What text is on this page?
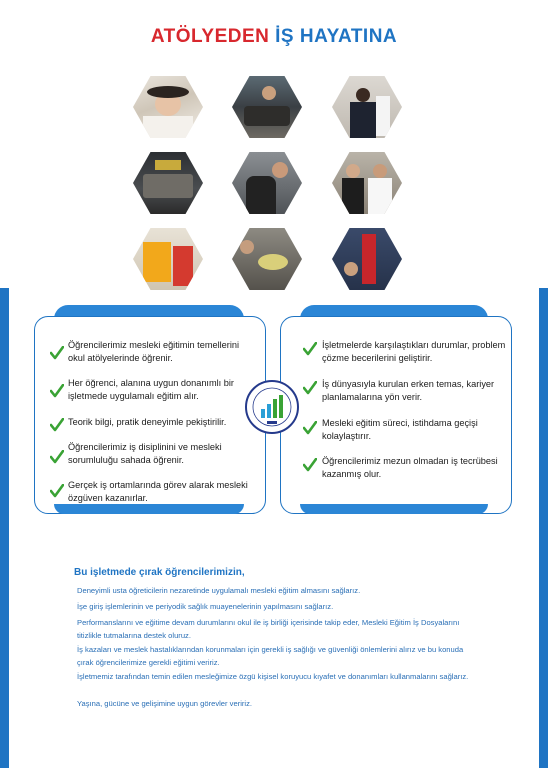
ATÖLYEDEN İŞ HAYATINA
Öğrencilerimiz mesleki eğitimin temellerini okul atölyelerinde öğrenir.
Her öğrenci, alanına uygun donanımlı bir işletmede uygulamalı eğitim alır.
Teorik bilgi, pratik deneyimle pekiştirilir.
Öğrencilerimiz iş disiplinini ve mesleki sorumluluğu sahada öğrenir.
Gerçek iş ortamlarında görev alarak mesleki özgüven kazanırlar.
İşletmelerde karşılaştıkları durumlar, problem çözme becerilerini geliştirir.
İş dünyasıyla kurulan erken temas, kariyer planlamalarına yön verir.
Mesleki eğitim süreci, istihdama geçişi kolaylaştırır.
Öğrencilerimiz mezun olmadan iş tecrübesi kazanmış olur.
Bu işletmede çırak öğrencilerimizin,
Deneyimli usta öğreticilerin nezaretinde uygulamalı mesleki eğitim almasını sağlarız.
İşe giriş işlemlerinin ve periyodik sağlık muayenelerinin yapılmasını sağlarız.
Performanslarını ve eğitime devam durumlarını okul ile iş birliği içerisinde takip eder, Mesleki Eğitim İş Dosyalarını titizlikle tutmalarına destek oluruz.
İş kazaları ve meslek hastalıklarından korunmaları için gerekli iş sağlığı ve güvenliği önlemlerini alırız ve bu konuda çırak öğrencilerimize gerekli eğitimi veririz.
İşletmemiz tarafından temin edilen mesleğimize özgü kişisel koruyucu kıyafet ve donanımları kullanmalarını sağlarız.
Yaşına, gücüne ve gelişimine uygun görevler veririz.
